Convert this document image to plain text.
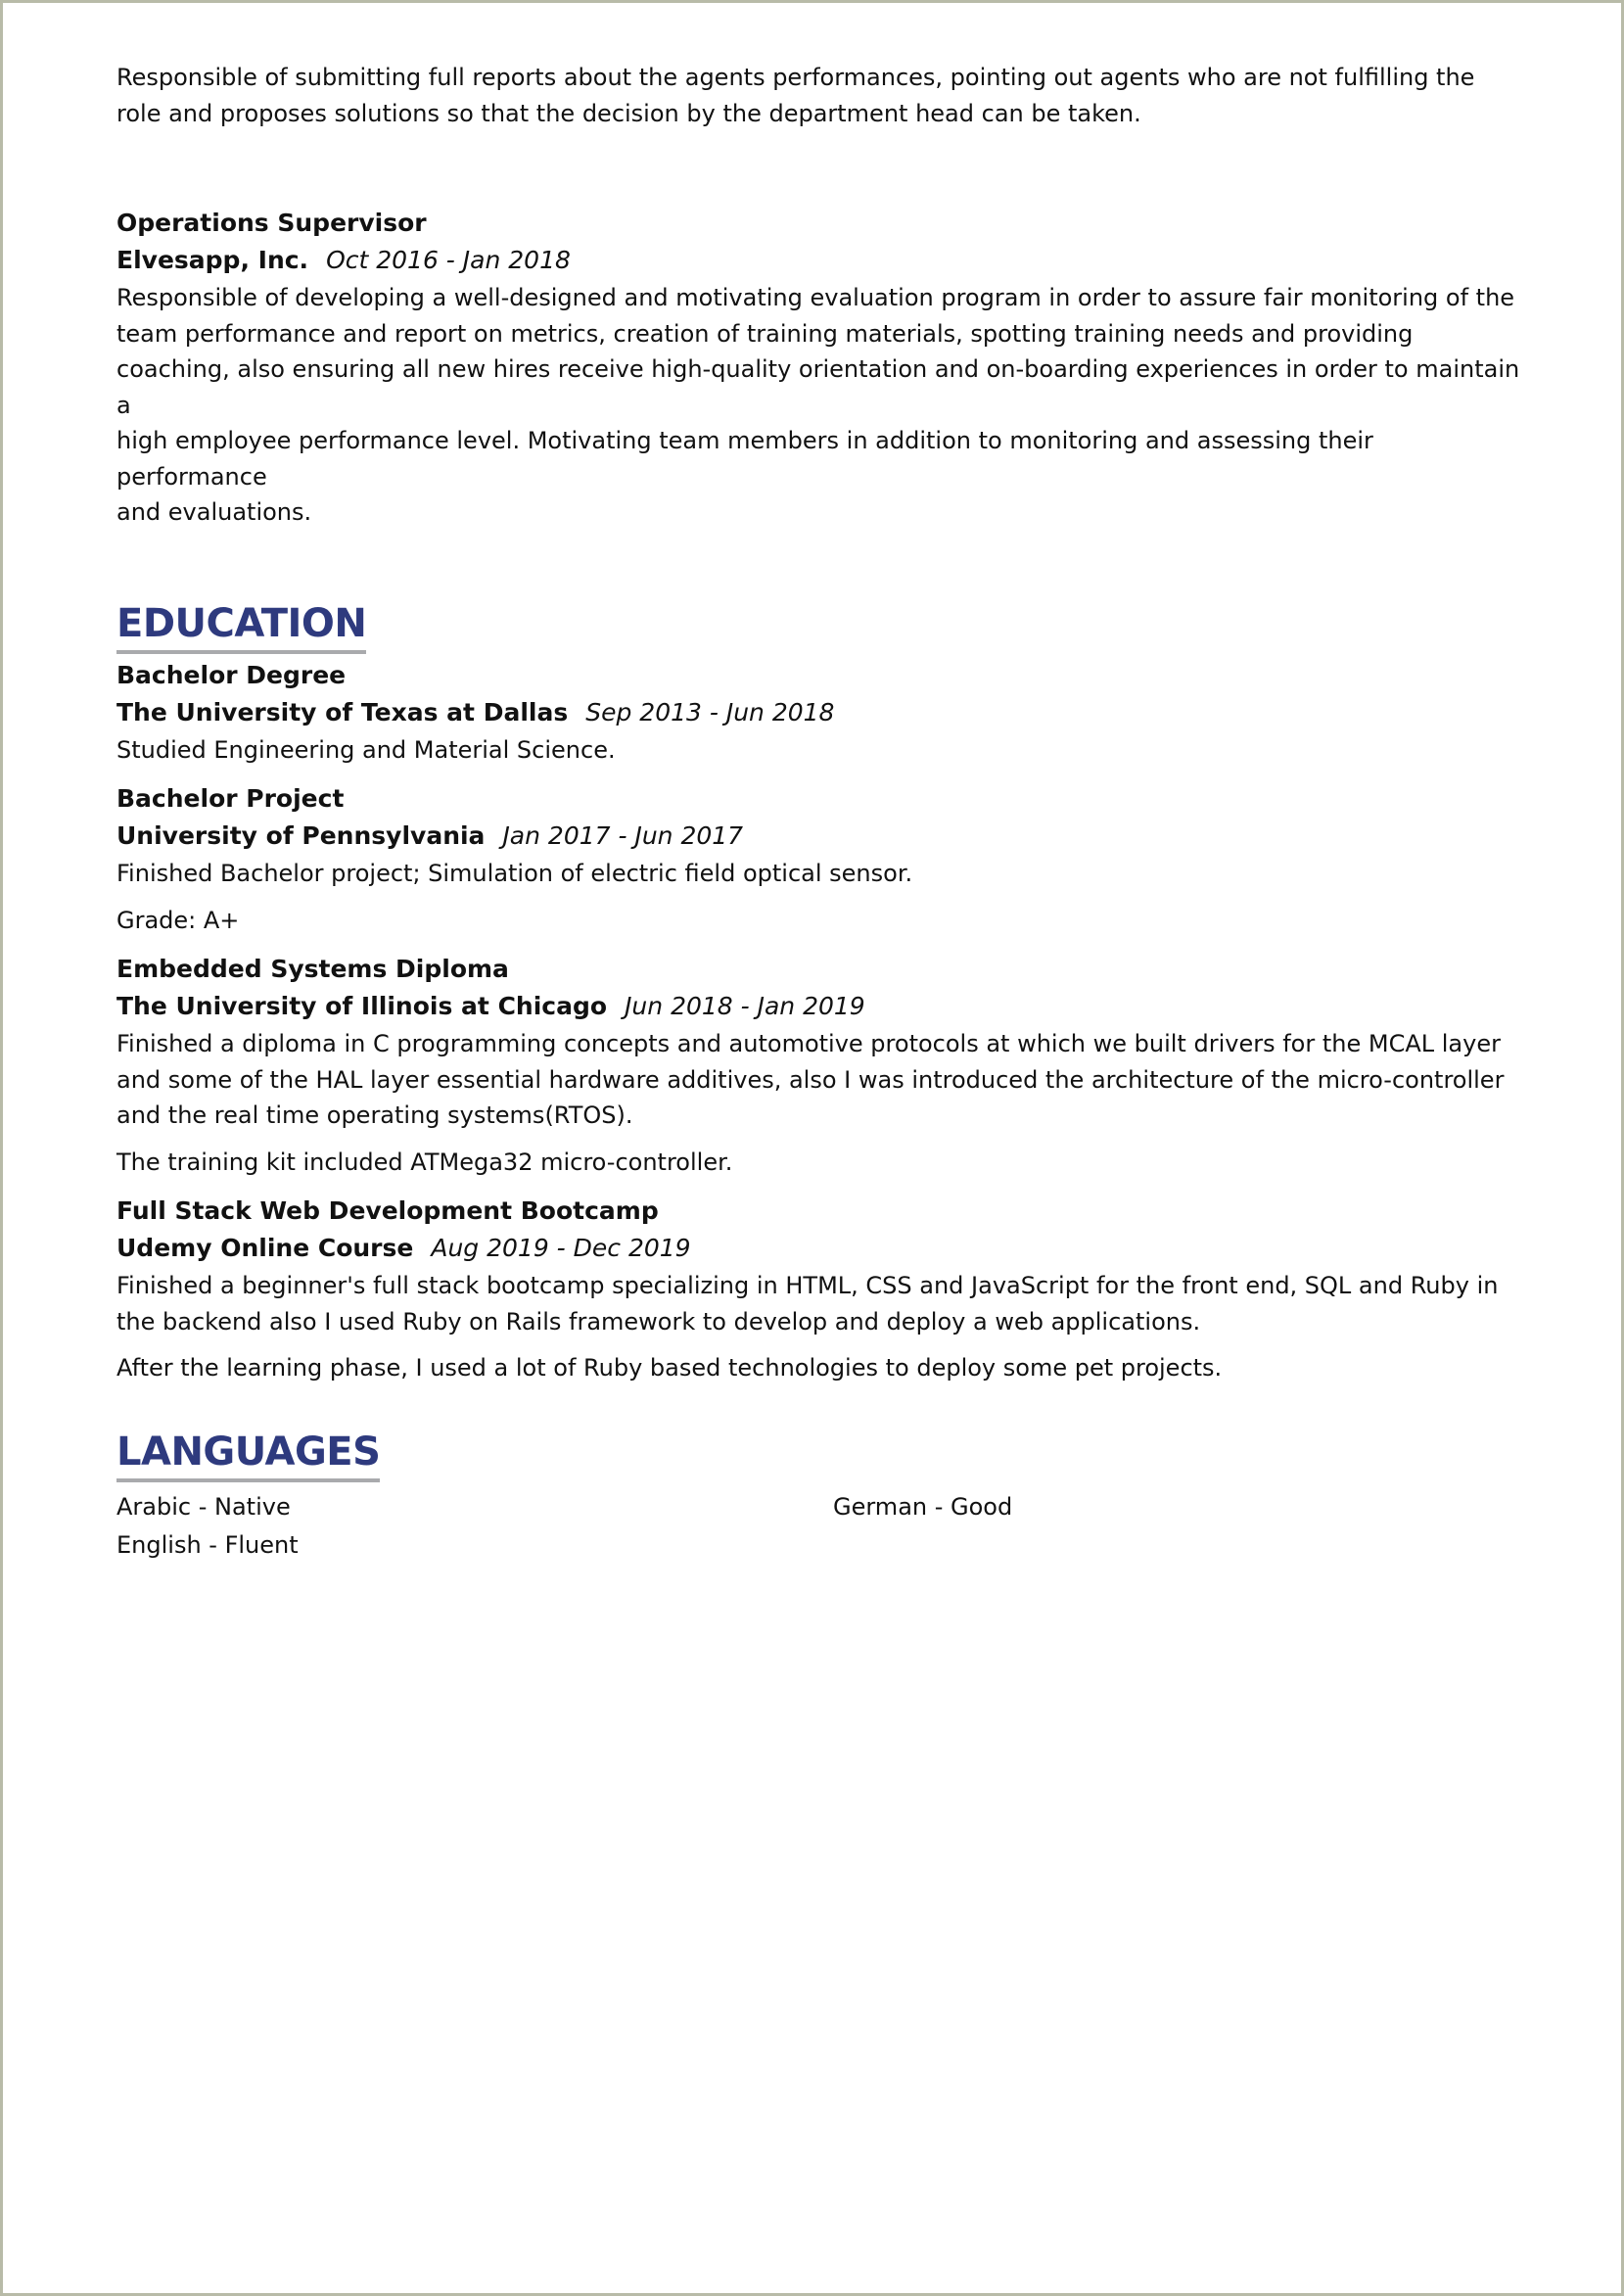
Responsible of submitting full reports about the agents performances, pointing out agents who are not fulfilling the role and proposes solutions so that the decision by the department head can be taken.

Operations Supervisor
Elvesapp, Inc. Oct 2016 - Jan 2018
Responsible of developing a well-designed and motivating evaluation program in order to assure fair monitoring of the
team performance and report on metrics, creation of training materials, spotting training needs and providing
coaching, also ensuring all new hires receive high-quality orientation and on-boarding experiences in order to maintain a
high employee performance level. Motivating team members in addition to monitoring and assessing their performance
and evaluations.
EDUCATION
Bachelor Degree
The University of Texas at Dallas Sep 2013 - Jun 2018

Studied Engineering and Material Science.

Bachelor Project
University of Pennsylvania Jan 2017 - Jun 2017

Finished Bachelor project; Simulation of electric field optical sensor.

Grade: A+

Embedded Systems Diploma
The University of Illinois at Chicago Jun 2018 - Jan 2019

Finished a diploma in C programming concepts and automotive protocols at which we built drivers for the MCAL layer and some of the HAL layer essential hardware additives, also I was introduced the architecture of the micro-controller and the real time operating systems(RTOS).

The training kit included ATMega32 micro-controller.

Full Stack Web Development Bootcamp
Udemy Online Course Aug 2019 - Dec 2019

Finished a beginner's full stack bootcamp specializing in HTML, CSS and JavaScript for the front end, SQL and Ruby in the backend also I used Ruby on Rails framework to develop and deploy a web applications.

After the learning phase, I used a lot of Ruby based technologies to deploy some pet projects.

LANGUAGES
Arabic - Native	German - Good
English - Fluent
